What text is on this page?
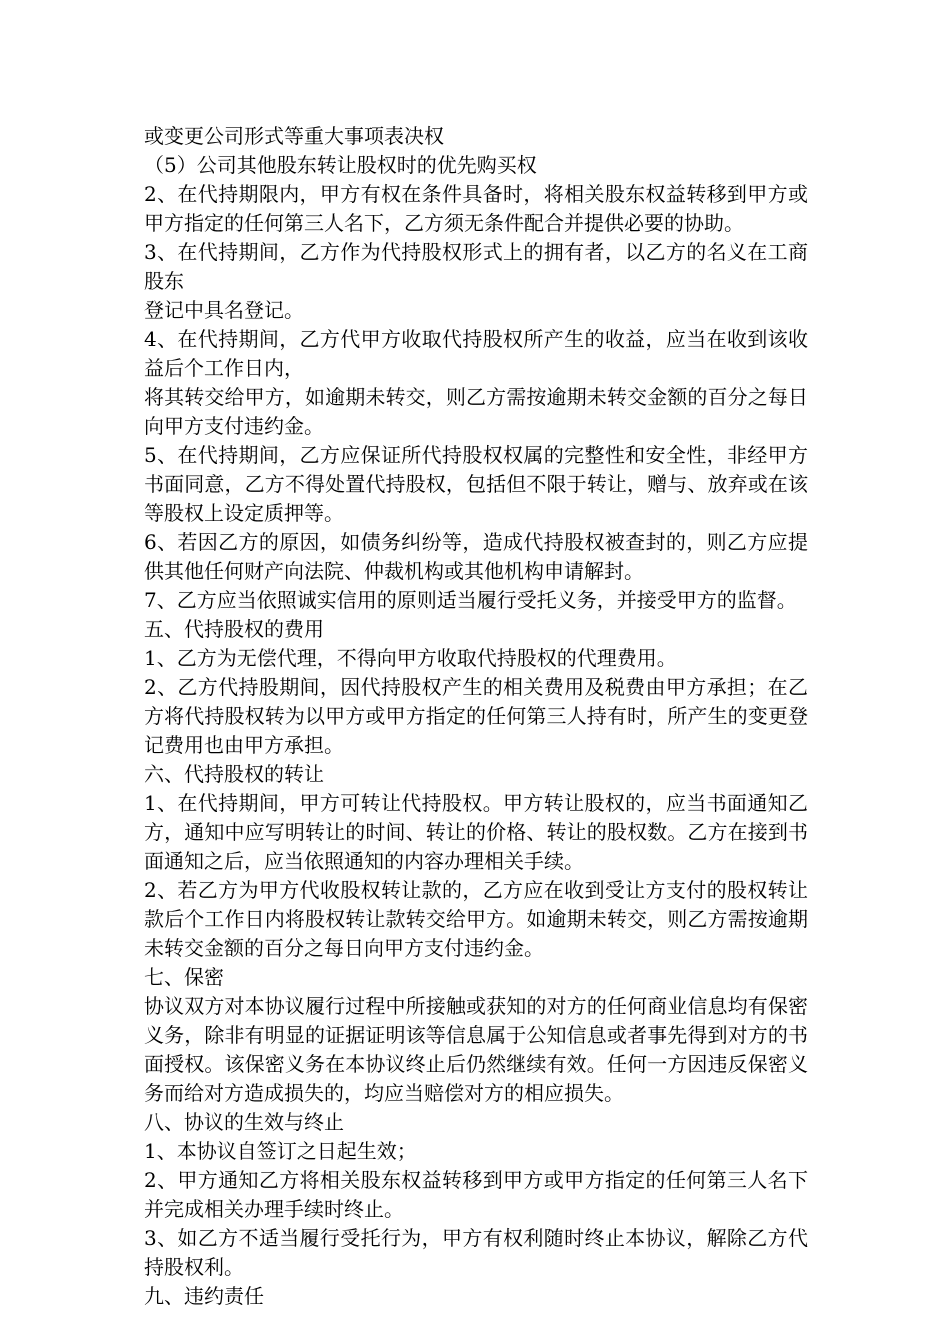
或变更公司形式等重大事项表决权

（5）公司其他股东转让股权时的优先购买权

2、在代持期限内，甲方有权在条件具备时，将相关股东权益转移到甲方或甲方指定的任何第三人名下，乙方须无条件配合并提供必要的协助。

3、在代持期间，乙方作为代持股权形式上的拥有者，以乙方的名义在工商股东

登记中具名登记。

4、在代持期间，乙方代甲方收取代持股权所产生的收益，应当在收到该收益后个工作日内，

将其转交给甲方，如逾期未转交，则乙方需按逾期未转交金额的百分之每日向甲方支付违约金。

5、在代持期间，乙方应保证所代持股权权属的完整性和安全性，非经甲方书面同意，乙方不得处置代持股权，包括但不限于转让，赠与、放弃或在该等股权上设定质押等。

6、若因乙方的原因，如债务纠纷等，造成代持股权被查封的，则乙方应提供其他任何财产向法院、仲裁机构或其他机构申请解封。

7、乙方应当依照诚实信用的原则适当履行受托义务，并接受甲方的监督。

五、代持股权的费用

1、乙方为无偿代理，不得向甲方收取代持股权的代理费用。

2、乙方代持股期间，因代持股权产生的相关费用及税费由甲方承担；在乙方将代持股权转为以甲方或甲方指定的任何第三人持有时，所产生的变更登记费用也由甲方承担。

六、代持股权的转让

1、在代持期间，甲方可转让代持股权。甲方转让股权的，应当书面通知乙方，通知中应写明转让的时间、转让的价格、转让的股权数。乙方在接到书面通知之后，应当依照通知的内容办理相关手续。

2、若乙方为甲方代收股权转让款的，乙方应在收到受让方支付的股权转让款后个工作日内将股权转让款转交给甲方。如逾期未转交，则乙方需按逾期未转交金额的百分之每日向甲方支付违约金。

七、保密

协议双方对本协议履行过程中所接触或获知的对方的任何商业信息均有保密义务，除非有明显的证据证明该等信息属于公知信息或者事先得到对方的书面授权。该保密义务在本协议终止后仍然继续有效。任何一方因违反保密义务而给对方造成损失的，均应当赔偿对方的相应损失。

八、协议的生效与终止

1、本协议自签订之日起生效；

2、甲方通知乙方将相关股东权益转移到甲方或甲方指定的任何第三人名下并完成相关办理手续时终止。

3、如乙方不适当履行受托行为，甲方有权利随时终止本协议，解除乙方代持股权利。

九、违约责任
